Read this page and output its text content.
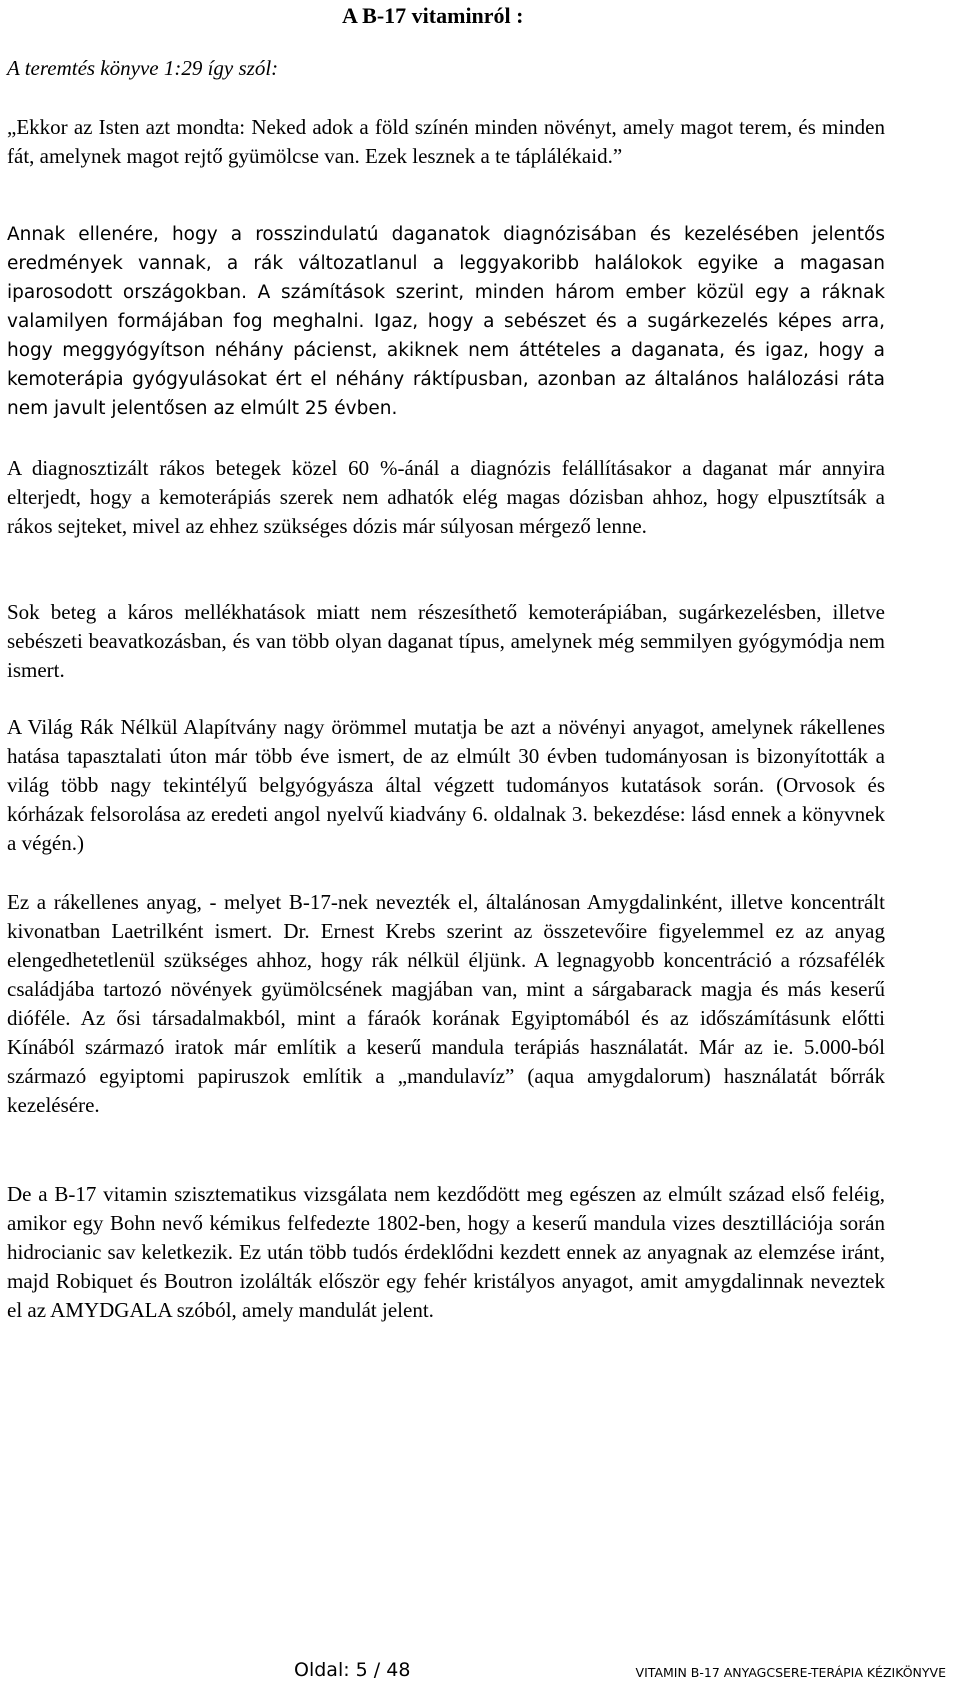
A B-17 vitaminról :
A teremtés könyve 1:29 így szól:

„Ekkor az Isten azt mondta: Neked adok a föld színén minden növényt, amely magot terem, és minden fát, amelynek magot rejtő gyümölcse van. Ezek lesznek a te táplálékaid.”

Annak ellenére, hogy a rosszindulatú daganatok diagnózisában és kezelésében jelentős eredmények vannak, a rák változatlanul a leggyakoribb halálokok egyike a magasan iparosodott országokban. A számítások szerint, minden három ember közül egy a ráknak valamilyen formájában fog meghalni. Igaz, hogy a sebészet és a sugárkezelés képes arra, hogy meggyógyítson néhány pácienst, akiknek nem áttételes a daganata, és igaz, hogy a kemoterápia gyógyulásokat ért el néhány ráktípusban, azonban az általános halálozási ráta nem javult jelentősen az elmúlt 25 évben.

A diagnosztizált rákos betegek közel 60 %-ánál a diagnózis felállításakor a daganat már annyira elterjedt, hogy a kemoterápiás szerek nem adhatók elég magas dózisban ahhoz, hogy elpusztítsák a rákos sejteket, mivel az ehhez szükséges dózis már súlyosan mérgező lenne.

Sok beteg a káros mellékhatások miatt nem részesíthető kemoterápiában, sugárkezelésben, illetve sebészeti beavatkozásban, és van több olyan daganat típus, amelynek még semmilyen gyógymódja nem ismert.

A Világ Rák Nélkül Alapítvány nagy örömmel mutatja be azt a növényi anyagot, amelynek rákellenes hatása tapasztalati úton már több éve ismert, de az elmúlt 30 évben tudományosan is bizonyították a világ több nagy tekintélyű belgyógyásza által végzett tudományos kutatások során. (Orvosok és kórházak felsorolása az eredeti angol nyelvű kiadvány 6. oldalnak 3. bekezdése: lásd ennek a könyvnek a végén.)

Ez a rákellenes anyag, - melyet B-17-nek nevezték el, általánosan Amygdalinként, illetve koncentrált kivonatban Laetrilként ismert. Dr. Ernest Krebs szerint az összetevőire figyelemmel ez az anyag elengedhetetlenül szükséges ahhoz, hogy rák nélkül éljünk. A legnagyobb koncentráció a rózsafélék családjába tartozó növények gyümölcsének magjában van, mint a sárgabarack magja és más keserű dióféle. Az ősi társadalmakból, mint a fáraók korának Egyiptomából és az időszámításunk előtti Kínából származó iratok már említik a keserű mandula terápiás használatát. Már az ie. 5.000-ból származó egyiptomi papiruszok említik a „mandulavíz” (aqua amygdalorum) használatát bőrrák kezelésére.

De a B-17 vitamin szisztematikus vizsgálata nem kezdődött meg egészen az elmúlt század első feléig, amikor egy Bohn nevő kémikus felfedezte 1802-ben, hogy a keserű mandula vizes desztillációja során hidrocianic sav keletkezik. Ez után több tudós érdeklődni kezdett ennek az anyagnak az elemzése iránt, majd Robiquet és Boutron izolálták először egy fehér kristályos anyagot, amit amygdalinnak neveztek el az AMYDGALA szóból, amely mandulát jelent.

Oldal: 5 / 48	VITAMIN B-17 ANYAGCSERE-TERÁPIA KÉZIKÖNYVE
